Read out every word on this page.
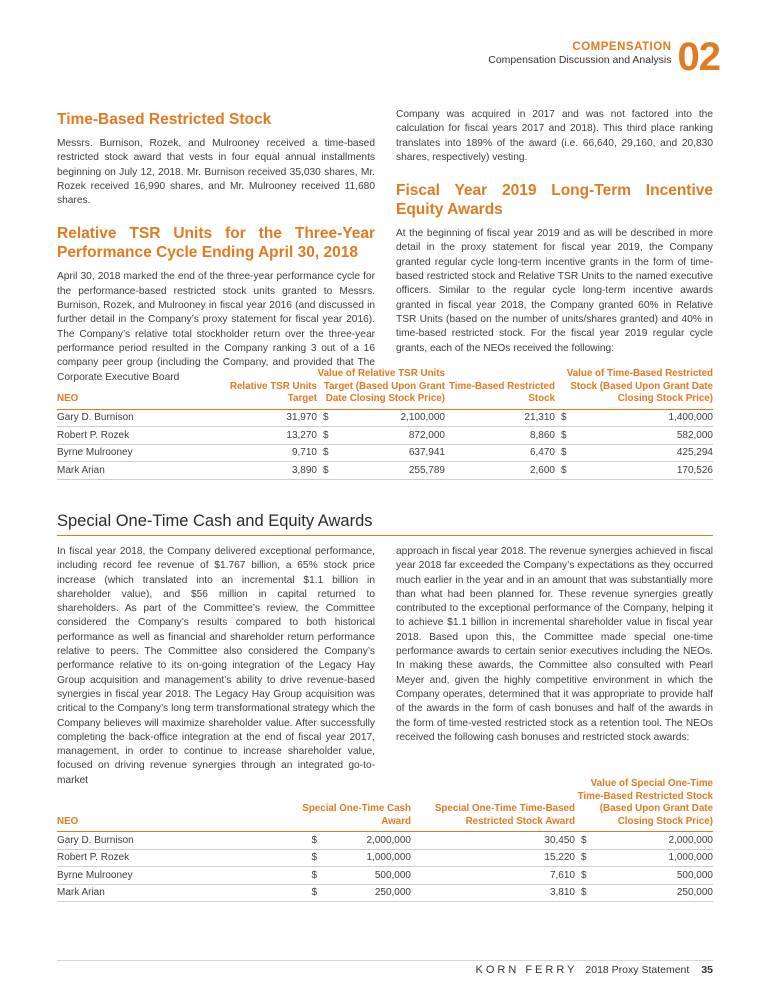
COMPENSATION
Compensation Discussion and Analysis 02
Time-Based Restricted Stock

Messrs. Burnison, Rozek, and Mulrooney received a time-based restricted stock award that vests in four equal annual installments beginning on July 12, 2018. Mr. Burnison received 35,030 shares, Mr. Rozek received 16,990 shares, and Mr. Mulrooney received 11,680 shares.

Relative TSR Units for the Three-Year Performance Cycle Ending April 30, 2018

April 30, 2018 marked the end of the three-year performance cycle for the performance-based restricted stock units granted to Messrs. Burnison, Rozek, and Mulrooney in fiscal year 2016 (and discussed in further detail in the Company’s proxy statement for fiscal year 2016). The Company’s relative total stockholder return over the three-year performance period resulted in the Company ranking 3 out of a 16 company peer group (including the Company, and provided that The Corporate Executive Board

Company was acquired in 2017 and was not factored into the calculation for fiscal years 2017 and 2018). This third place ranking translates into 189% of the award (i.e. 66,640, 29,160, and 20,830 shares, respectively) vesting.

Fiscal Year 2019 Long-Term Incentive Equity Awards

At the beginning of fiscal year 2019 and as will be described in more detail in the proxy statement for fiscal year 2019, the Company granted regular cycle long-term incentive grants in the form of time-based restricted stock and Relative TSR Units to the named executive officers. Similar to the regular cycle long-term incentive awards granted in fiscal year 2018, the Company granted 60% in Relative TSR Units (based on the number of units/shares granted) and 40% in time-based restricted stock. For the fiscal year 2019 regular cycle grants, each of the NEOs received the following:

NEO	Relative TSR Units Target	Value of Relative TSR Units Target (Based Upon Grant Date Closing Stock Price)		Time-Based Restricted Stock	Value of Time-Based Restricted Stock (Based Upon Grant Date Closing Stock Price)	
Gary D. Burnison	31,970	$	2,100,000	21,310	$	1,400,000
Robert P. Rozek	13,270	$	872,000	8,860	$	582,000
Byrne Mulrooney	9,710	$	637,941	6,470	$	425,294
Mark Arian	3,890	$	255,789	2,600	$	170,526
Special One-Time Cash and Equity Awards

In fiscal year 2018, the Company delivered exceptional performance, including record fee revenue of $1.767 billion, a 65% stock price increase (which translated into an incremental $1.1 billion in shareholder value), and $56 million in capital returned to shareholders. As part of the Committee’s review, the Committee considered the Company’s results compared to both historical performance as well as financial and shareholder return performance relative to peers. The Committee also considered the Company’s performance relative to its on-going integration of the Legacy Hay Group acquisition and management’s ability to drive revenue-based synergies in fiscal year 2018. The Legacy Hay Group acquisition was critical to the Company’s long term transformational strategy which the Company believes will maximize shareholder value. After successfully completing the back-office integration at the end of fiscal year 2017, management, in order to continue to increase shareholder value, focused on driving revenue synergies through an integrated go-to-market

approach in fiscal year 2018. The revenue synergies achieved in fiscal year 2018 far exceeded the Company’s expectations as they occurred much earlier in the year and in an amount that was substantially more than what had been planned for. These revenue synergies greatly contributed to the exceptional performance of the Company, helping it to achieve $1.1 billion in incremental shareholder value in fiscal year 2018. Based upon this, the Committee made special one-time performance awards to certain senior executives including the NEOs. In making these awards, the Committee also consulted with Pearl Meyer and, given the highly competitive environment in which the Company operates, determined that it was appropriate to provide half of the awards in the form of cash bonuses and half of the awards in the form of time-vested restricted stock as a retention tool. The NEOs received the following cash bonuses and restricted stock awards:

NEO	Special One-Time Cash Award		Special One-Time Time-Based Restricted Stock Award	Value of Special One-Time Time-Based Restricted Stock (Based Upon Grant Date Closing Stock Price)	
Gary D. Burnison	$	2,000,000	30,450	$	2,000,000
Robert P. Rozek	$	1,000,000	15,220	$	1,000,000
Byrne Mulrooney	$	500,000	7,610	$	500,000
Mark Arian	$	250,000	3,810	$	250,000
KORN FERRY 2018 Proxy Statement 35
